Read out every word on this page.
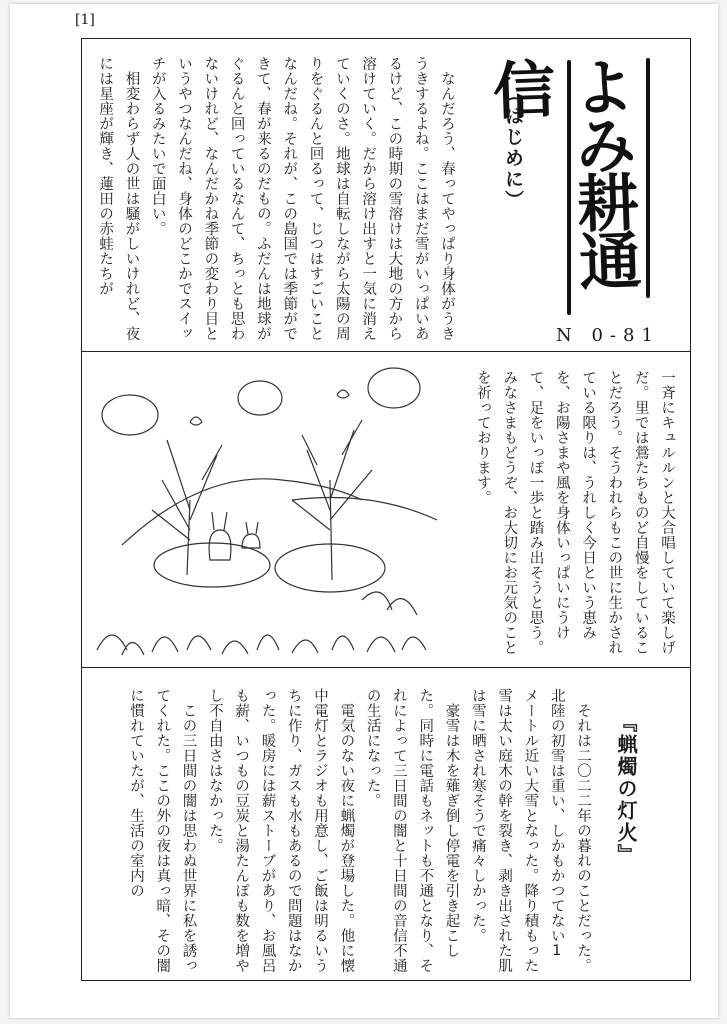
[1]
よみ耕通信
N 0-81
（はじめに）

　なんだろう、春ってやっぱり身体がうきうきするよね。ここはまだ雪がいっぱいあるけど、この時期の雪溶けは大地の方から溶けていく。だから溶け出すと一気に消えていくのさ。地球は自転しながら太陽の周りをぐるんと回るって、じつはすごいことなんだね。それが、この島国では季節ができて、春が来るのだもの。ふだんは地球がぐるんと回っているなんて、ちっとも思わないけれど、なんだかね季節の変わり目というやつなんだね、身体のどこかでスイッチが入るみたいで面白い。

　相変わらず人の世は騒がしいけれど、夜には星座が輝き、蓮田の赤蛙たちが

一斉にキュルルンと大合唱していて楽しげだ。里では鶯たちものど自慢をしていることだろう。そうわれらもこの世に生かされている限りは、うれしく今日という恵みを、お陽さまや風を身体いっぱいにうけて、足をいっぽ一歩と踏み出そうと思う。みなさまもどうぞ、お大切にお元気のことを祈っております。

『蝋燭の灯火』

　それは二〇二二年の暮れのことだった。北陸の初雪は重い、しかもかつてない1メートル近い大雪となった。降り積もった雪は太い庭木の幹を裂き、剥き出された肌は雪に晒され寒そうで痛々しかった。

　豪雪は木を薙ぎ倒し停電を引き起こした。同時に電話もネットも不通となり、それによって三日間の闇と十日間の音信不通の生活になった。

　電気のない夜に蝋燭が登場した。他に懐中電灯とラジオも用意し、ご飯は明るいうちに作り、ガスも水もあるので問題はなかった。暖房には薪ストーブがあり、お風呂も薪、いつもの豆炭と湯たんぽも数を増やし不自由さはなかった。

　この三日間の闇は思わぬ世界に私を誘ってくれた。ここの外の夜は真っ暗、その闇に慣れていたが、生活の室内の
